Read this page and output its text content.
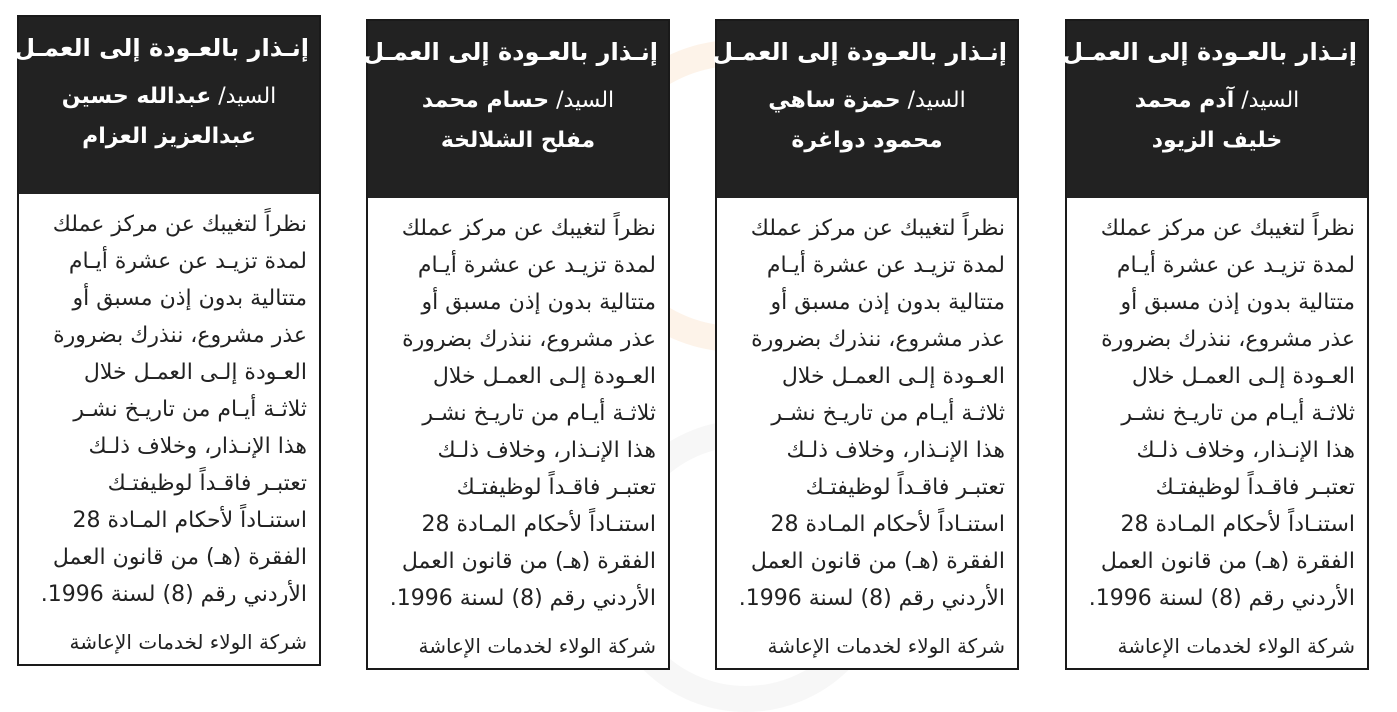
إنـذار بالعـودة إلى العمـل
السيد/ عبدالله حسين
عبدالعزيز العزام
نظراً لتغيبك عن مركز عملك
لمدة تزيـد عن عشرة أيـام
متتالية بدون إذن مسبق أو
عذر مشروع، ننذرك بضرورة
العـودة إلـى العمـل خلال
ثلاثـة أيـام من تاريـخ نشـر
هذا الإنـذار، وخلاف ذلـك
تعتبـر فاقـداً لوظيفتـك
استنـاداً لأحكام المـادة 28
الفقرة (هـ) من قانون العمل
الأردني رقم (8) لسنة 1996.
شركة الولاء لخدمات الإعاشة
إنـذار بالعـودة إلى العمـل
السيد/ حسام محمد
مفلح الشلالخة
نظراً لتغيبك عن مركز عملك
لمدة تزيـد عن عشرة أيـام
متتالية بدون إذن مسبق أو
عذر مشروع، ننذرك بضرورة
العـودة إلـى العمـل خلال
ثلاثـة أيـام من تاريـخ نشـر
هذا الإنـذار، وخلاف ذلـك
تعتبـر فاقـداً لوظيفتـك
استنـاداً لأحكام المـادة 28
الفقرة (هـ) من قانون العمل
الأردني رقم (8) لسنة 1996.
شركة الولاء لخدمات الإعاشة
إنـذار بالعـودة إلى العمـل
السيد/ حمزة ساهي
محمود دواغرة
نظراً لتغيبك عن مركز عملك
لمدة تزيـد عن عشرة أيـام
متتالية بدون إذن مسبق أو
عذر مشروع، ننذرك بضرورة
العـودة إلـى العمـل خلال
ثلاثـة أيـام من تاريـخ نشـر
هذا الإنـذار، وخلاف ذلـك
تعتبـر فاقـداً لوظيفتـك
استنـاداً لأحكام المـادة 28
الفقرة (هـ) من قانون العمل
الأردني رقم (8) لسنة 1996.
شركة الولاء لخدمات الإعاشة
إنـذار بالعـودة إلى العمـل
السيد/ آدم محمد
خليف الزيود
نظراً لتغيبك عن مركز عملك
لمدة تزيـد عن عشرة أيـام
متتالية بدون إذن مسبق أو
عذر مشروع، ننذرك بضرورة
العـودة إلـى العمـل خلال
ثلاثـة أيـام من تاريـخ نشـر
هذا الإنـذار، وخلاف ذلـك
تعتبـر فاقـداً لوظيفتـك
استنـاداً لأحكام المـادة 28
الفقرة (هـ) من قانون العمل
الأردني رقم (8) لسنة 1996.
شركة الولاء لخدمات الإعاشة
